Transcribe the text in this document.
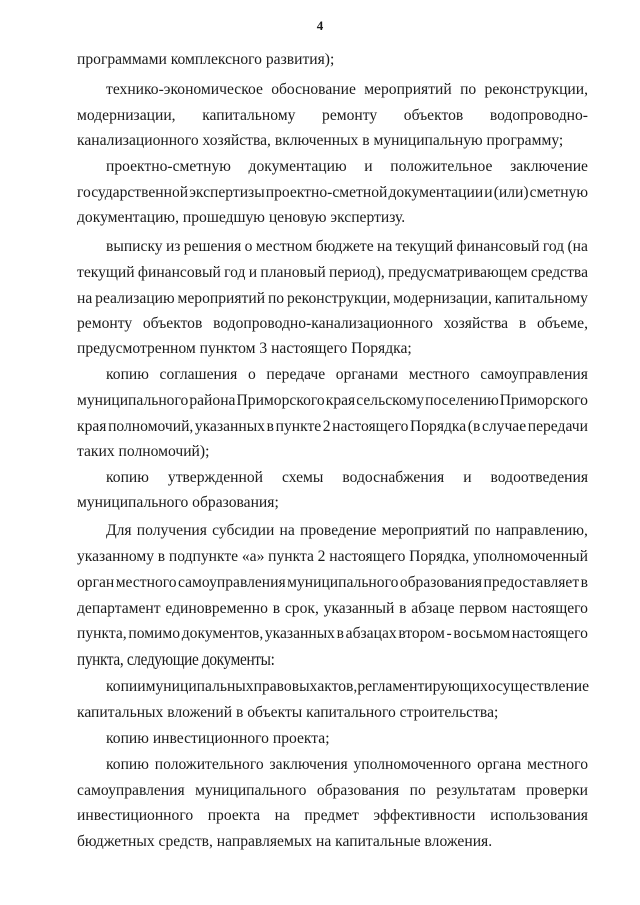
4
программами комплексного развития);
технико-экономическое обоснование мероприятий по реконструкции,
модернизации, капитальному ремонту объектов водопроводно-
канализационного хозяйства, включенных в муниципальную программу;
проектно-сметную документацию и положительное заключение
государственной экспертизы проектно-сметной документации и (или) сметную
документацию, прошедшую ценовую экспертизу.
выписку из решения о местном бюджете на текущий финансовый год (на
текущий финансовый год и плановый период), предусматривающем средства
на реализацию мероприятий по реконструкции, модернизации, капитальному
ремонту объектов водопроводно-канализационного хозяйства в объеме,
предусмотренном пунктом 3 настоящего Порядка;
копию соглашения о передаче органами местного самоуправления
муниципального района Приморского края сельскому поселению Приморского
края полномочий, указанных в пункте 2 настоящего Порядка (в случае передачи
таких полномочий);
копию утвержденной схемы водоснабжения и водоотведения
муниципального образования;
Для получения субсидии на проведение мероприятий по направлению,
указанному в подпункте «а» пункта 2 настоящего Порядка, уполномоченный
орган местного самоуправления муниципального образования предоставляет в
департамент единовременно в срок, указанный в абзаце первом настоящего
пункта, помимо документов, указанных в абзацах втором - восьмом настоящего
пункта, следующие документы:
копии муниципальных правовых актов, регламентирующих осуществление
капитальных вложений в объекты капитального строительства;
копию инвестиционного проекта;
копию положительного заключения уполномоченного органа местного
самоуправления муниципального образования по результатам проверки
инвестиционного проекта на предмет эффективности использования
бюджетных средств, направляемых на капитальные вложения.
